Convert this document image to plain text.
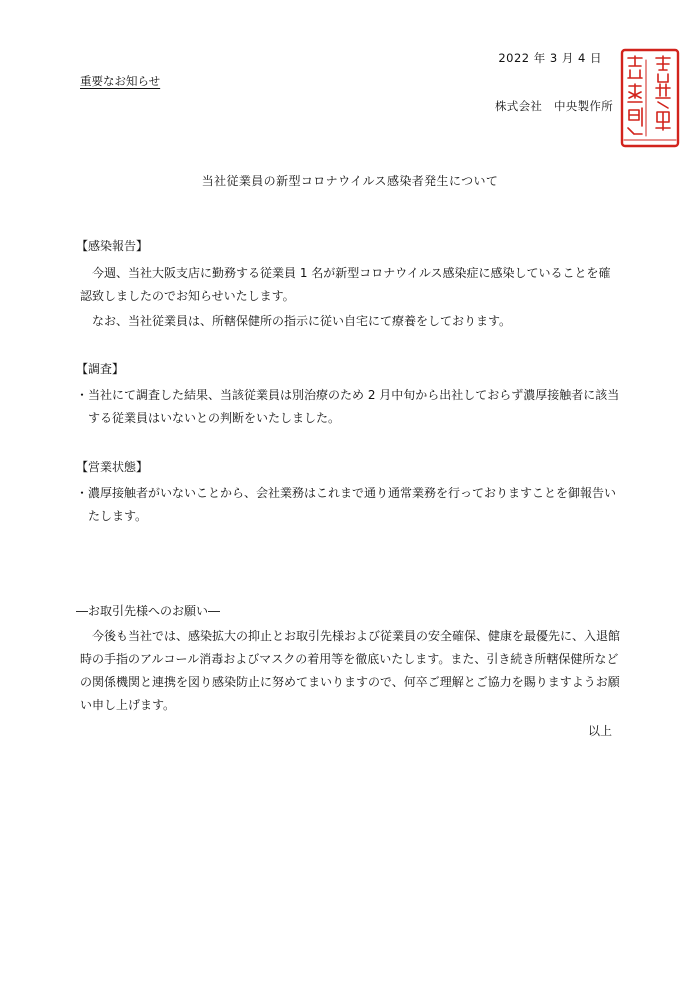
2022 年 3 月 4 日
重要なお知らせ
株式会社　中央製作所
当社従業員の新型コロナウイルス感染者発生について
【感染報告】

今週、当社大阪支店に勤務する従業員 1 名が新型コロナウイルス感染症に感染していることを確認致しましたのでお知らせいたします。

なお、当社従業員は、所轄保健所の指示に従い自宅にて療養をしております。

【調査】
・ 当社にて調査した結果、当該従業員は別治療のため 2 月中旬から出社しておらず濃厚接触者に該当する従業員はいないとの判断をいたしました。
【営業状態】
・ 濃厚接触者がいないことから、会社業務はこれまで通り通常業務を行っておりますことを御報告いたします。
―お取引先様へのお願い―

今後も当社では、感染拡大の抑止とお取引先様および従業員の安全確保、健康を最優先に、入退館時の手指のアルコール消毒およびマスクの着用等を徹底いたします。また、引き続き所轄保健所などの関係機関と連携を図り感染防止に努めてまいりますので、何卒ご理解とご協力を賜りますようお願い申し上げます。

以上
